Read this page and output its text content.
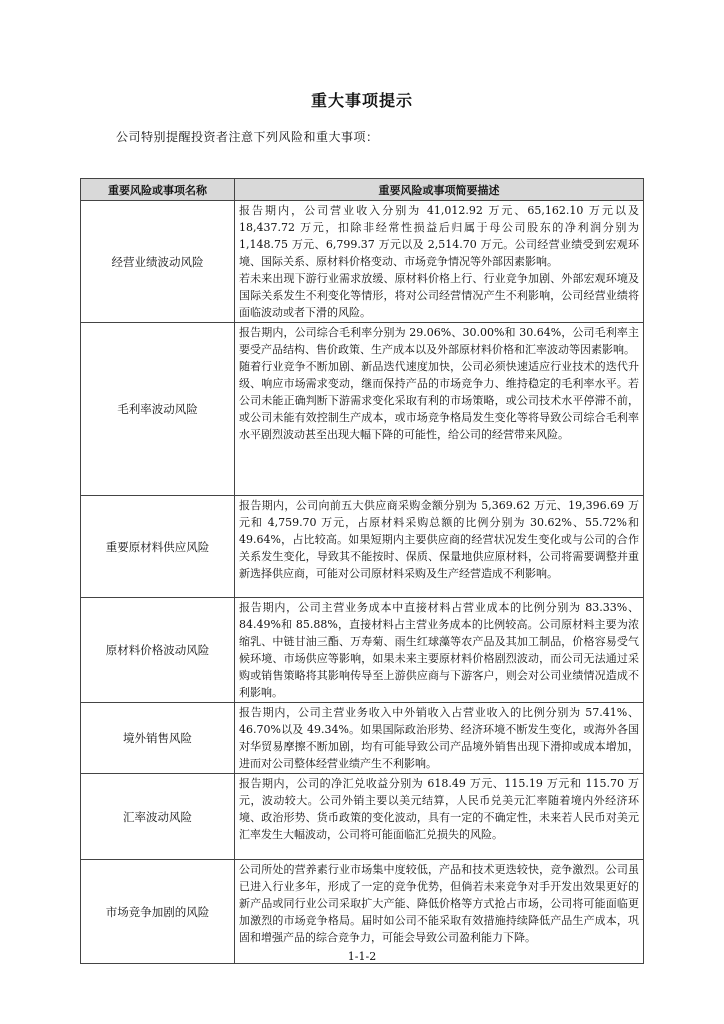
重大事项提示
公司特别提醒投资者注意下列风险和重大事项：
重要风险或事项名称	重要风险或事项简要描述
经营业绩波动风险	报告期内，公司营业收入分别为 41,012.92 万元、65,162.10 万元以及 18,437.72 万元，扣除非经常性损益后归属于母公司股东的净利润分别为 1,148.75 万元、6,799.37 万元以及 2,514.70 万元。公司经营业绩受到宏观环境、国际关系、原材料价格变动、市场竞争情况等外部因素影响。

若未来出现下游行业需求放缓、原材料价格上行、行业竞争加剧、外部宏观环境及国际关系发生不利变化等情形，将对公司经营情况产生不利影响，公司经营业绩将面临波动或者下滑的风险。

毛利率波动风险	报告期内，公司综合毛利率分别为 29.06%、30.00%和 30.64%，公司毛利率主要受产品结构、售价政策、生产成本以及外部原材料价格和汇率波动等因素影响。

随着行业竞争不断加剧、新品迭代速度加快，公司必须快速适应行业技术的迭代升级、响应市场需求变动，继而保持产品的市场竞争力、维持稳定的毛利率水平。若公司未能正确判断下游需求变化采取有利的市场策略，或公司技术水平停滞不前，或公司未能有效控制生产成本，或市场竞争格局发生变化等将导致公司综合毛利率水平剧烈波动甚至出现大幅下降的可能性，给公司的经营带来风险。

重要原材料供应风险	报告期内，公司向前五大供应商采购金额分别为 5,369.62 万元、19,396.69 万元和 4,759.70 万元，占原材料采购总额的比例分别为 30.62%、55.72%和 49.64%，占比较高。如果短期内主要供应商的经营状况发生变化或与公司的合作关系发生变化，导致其不能按时、保质、保量地供应原材料，公司将需要调整并重新选择供应商，可能对公司原材料采购及生产经营造成不利影响。

原材料价格波动风险	报告期内，公司主营业务成本中直接材料占营业成本的比例分别为 83.33%、84.49%和 85.88%，直接材料占主营业务成本的比例较高。公司原材料主要为浓缩乳、中链甘油三酯、万寿菊、雨生红球藻等农产品及其加工制品，价格容易受气候环境、市场供应等影响，如果未来主要原材料价格剧烈波动，而公司无法通过采购或销售策略将其影响传导至上游供应商与下游客户，则会对公司业绩情况造成不利影响。

境外销售风险	报告期内，公司主营业务收入中外销收入占营业收入的比例分别为 57.41%、46.70%以及 49.34%。如果国际政治形势、经济环境不断发生变化，或海外各国对华贸易摩擦不断加剧，均有可能导致公司产品境外销售出现下滑抑或成本增加，进而对公司整体经营业绩产生不利影响。

汇率波动风险	报告期内，公司的净汇兑收益分别为 618.49 万元、115.19 万元和 115.70 万元，波动较大。公司外销主要以美元结算，人民币兑美元汇率随着境内外经济环境、政治形势、货币政策的变化波动，具有一定的不确定性，未来若人民币对美元汇率发生大幅波动，公司将可能面临汇兑损失的风险。

市场竞争加剧的风险	公司所处的营养素行业市场集中度较低，产品和技术更迭较快，竞争激烈。公司虽已进入行业多年，形成了一定的竞争优势，但倘若未来竞争对手开发出效果更好的新产品或同行业公司采取扩大产能、降低价格等方式抢占市场，公司将可能面临更加激烈的市场竞争格局。届时如公司不能采取有效措施持续降低产品生产成本，巩固和增强产品的综合竞争力，可能会导致公司盈利能力下降。

1-1-2
